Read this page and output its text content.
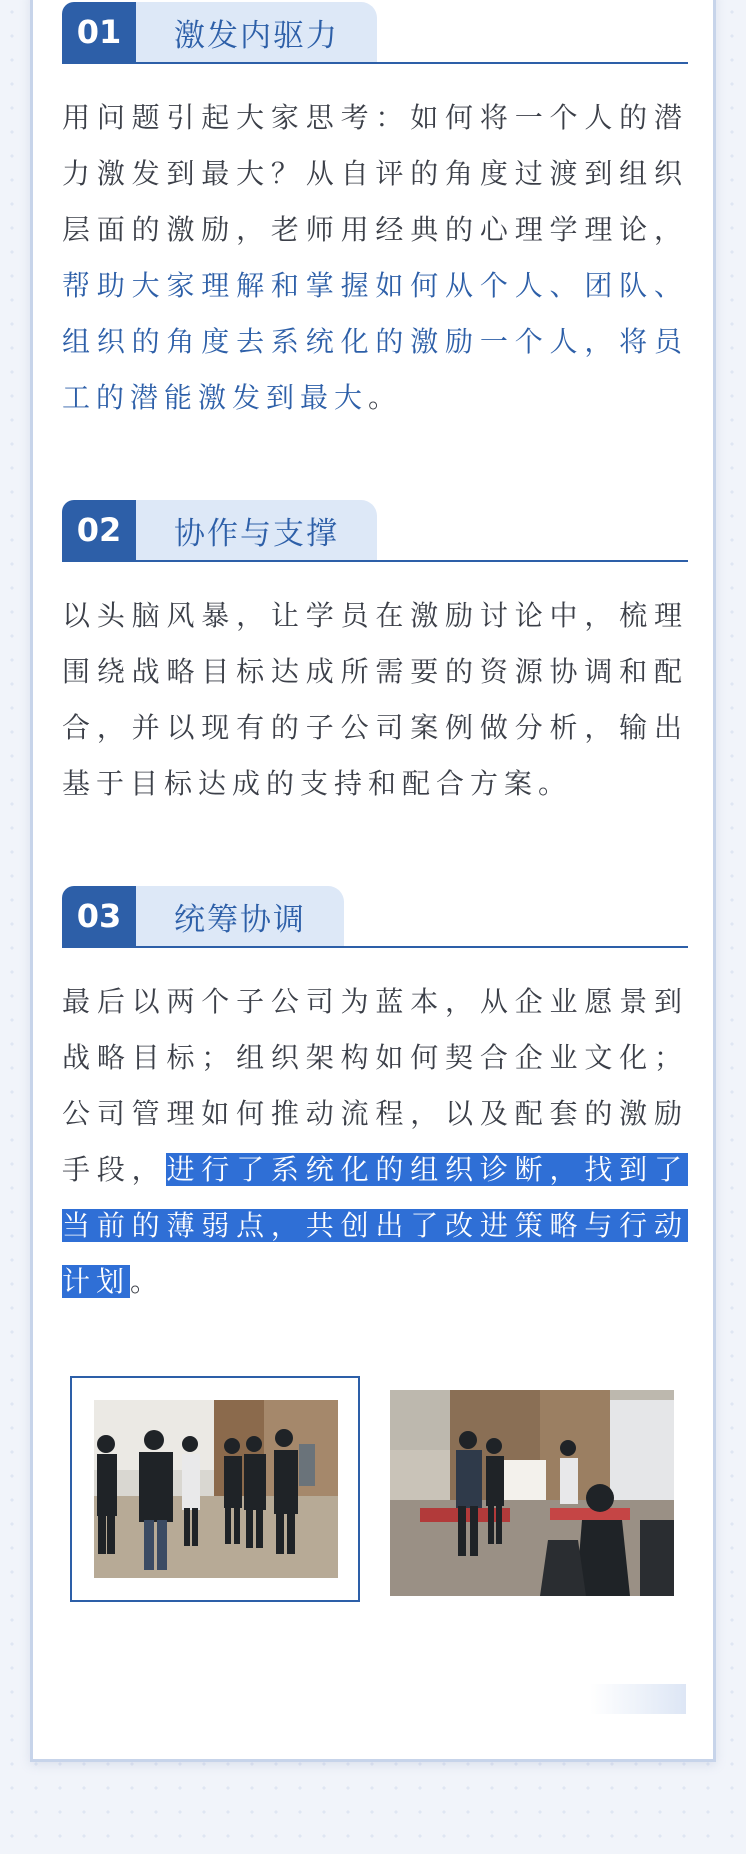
01	激发内驱力
用问题引起大家思考：如何将一个人的潜力激发到最大？从自评的角度过渡到组织层面的激励，老师用经典的心理学理论，帮助大家理解和掌握如何从个人、团队、组织的角度去系统化的激励一个人，将员工的潜能激发到最大。
02	协作与支撑
以头脑风暴，让学员在激励讨论中，梳理围绕战略目标达成所需要的资源协调和配合，并以现有的子公司案例做分析，输出基于目标达成的支持和配合方案。
03	统筹协调
最后以两个子公司为蓝本，从企业愿景到战略目标；组织架构如何契合企业文化；公司管理如何推动流程，以及配套的激励手段，进行了系统化的组织诊断，找到了当前的薄弱点，共创出了改进策略与行动计划。
